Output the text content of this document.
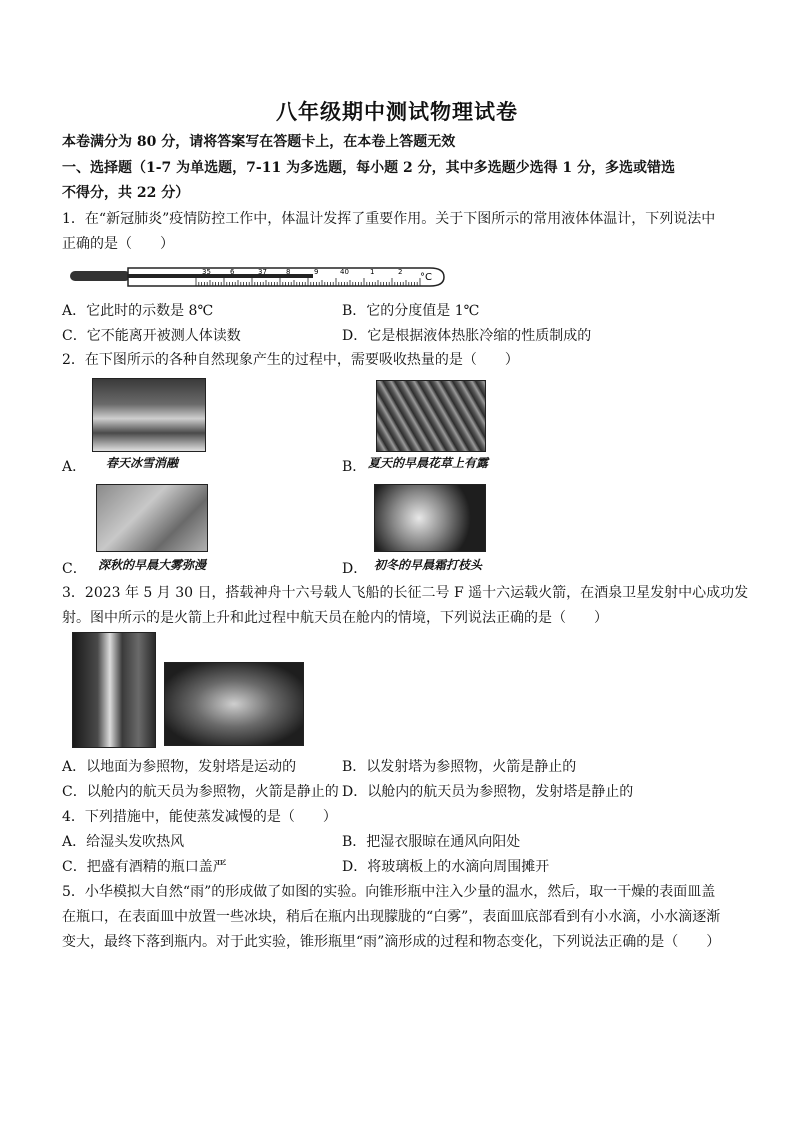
八年级期中测试物理试卷
本卷满分为 80 分，请将答案写在答题卡上，在本卷上答题无效
一、选择题（1-7 为单选题，7-11 为多选题，每小题 2 分，其中多选题少选得 1 分，多选或错选
不得分，共 22 分）
1．在“新冠肺炎”疫情防控工作中，体温计发挥了重要作用。关于下图所示的常用液体体温计，下列说法中
正确的是（　　）
35	6	37	8	9	40	1	2 °C
A．它此时的示数是 8℃	B．它的分度值是 1℃
C．它不能离开被测人体读数	D．它是根据液体热胀冷缩的性质制成的
2．在下图所示的各种自然现象产生的过程中，需要吸收热量的是（　　）
A． 春天冰雪消融	B． 夏天的早晨花草上有露
C． 深秋的早晨大雾弥漫	D． 初冬的早晨霜打枝头
3．2023 年 5 月 30 日，搭载神舟十六号载人飞船的长征二号 F 遥十六运载火箭，在酒泉卫星发射中心成功发
射。图中所示的是火箭上升和此过程中航天员在舱内的情境，下列说法正确的是（　　）
A．以地面为参照物，发射塔是运动的	B．以发射塔为参照物，火箭是静止的
C．以舱内的航天员为参照物，火箭是静止的 D．以舱内的航天员为参照物，发射塔是静止的
4．下列措施中，能使蒸发减慢的是（　　）
A．给湿头发吹热风	B．把湿衣服晾在通风向阳处
C．把盛有酒精的瓶口盖严	D．将玻璃板上的水滴向周围摊开
5．小华模拟大自然“雨”的形成做了如图的实验。向锥形瓶中注入少量的温水，然后，取一干燥的表面皿盖
在瓶口，在表面皿中放置一些冰块，稍后在瓶内出现朦胧的“白雾”，表面皿底部看到有小水滴，小水滴逐渐
变大，最终下落到瓶内。对于此实验，锥形瓶里“雨”滴形成的过程和物态变化，下列说法正确的是（　　）
